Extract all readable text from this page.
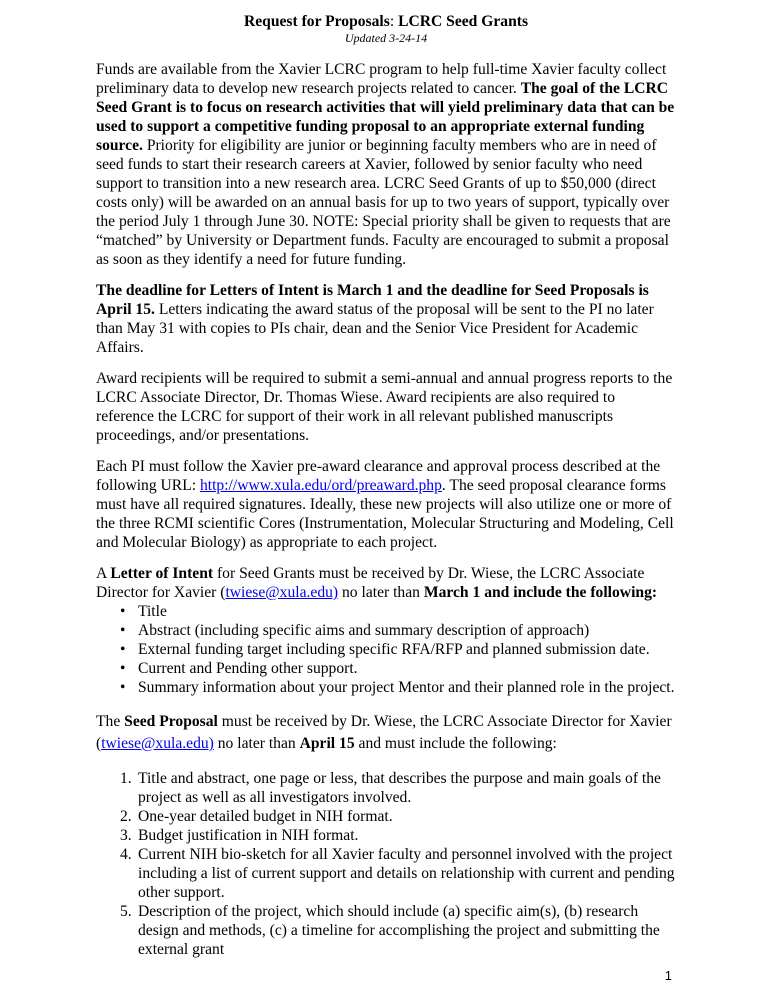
Request for Proposals: LCRC Seed Grants

Updated 3-24-14

Funds are available from the Xavier LCRC program to help full-time Xavier faculty collect preliminary data to develop new research projects related to cancer. The goal of the LCRC Seed Grant is to focus on research activities that will yield preliminary data that can be used to support a competitive funding proposal to an appropriate external funding source. Priority for eligibility are junior or beginning faculty members who are in need of seed funds to start their research careers at Xavier, followed by senior faculty who need support to transition into a new research area. LCRC Seed Grants of up to $50,000 (direct costs only) will be awarded on an annual basis for up to two years of support, typically over the period July 1 through June 30. NOTE: Special priority shall be given to requests that are “matched” by University or Department funds. Faculty are encouraged to submit a proposal as soon as they identify a need for future funding.

The deadline for Letters of Intent is March 1 and the deadline for Seed Proposals is April 15. Letters indicating the award status of the proposal will be sent to the PI no later than May 31 with copies to PIs chair, dean and the Senior Vice President for Academic Affairs.

Award recipients will be required to submit a semi-annual and annual progress reports to the LCRC Associate Director, Dr. Thomas Wiese. Award recipients are also required to reference the LCRC for support of their work in all relevant published manuscripts proceedings, and/or presentations.

Each PI must follow the Xavier pre-award clearance and approval process described at the following URL: http://www.xula.edu/ord/preaward.php. The seed proposal clearance forms must have all required signatures. Ideally, these new projects will also utilize one or more of the three RCMI scientific Cores (Instrumentation, Molecular Structuring and Modeling, Cell and Molecular Biology) as appropriate to each project.

A Letter of Intent for Seed Grants must be received by Dr. Wiese, the LCRC Associate Director for Xavier (twiese@xula.edu) no later than March 1 and include the following:

• Title
• Abstract (including specific aims and summary description of approach)
• External funding target including specific RFA/RFP and planned submission date.
• Current and Pending other support.
• Summary information about your project Mentor and their planned role in the project.

The Seed Proposal must be received by Dr. Wiese, the LCRC Associate Director for Xavier (twiese@xula.edu) no later than April 15 and must include the following:

1. Title and abstract, one page or less, that describes the purpose and main goals of the project as well as all investigators involved.
2. One-year detailed budget in NIH format.
3. Budget justification in NIH format.
4. Current NIH bio-sketch for all Xavier faculty and personnel involved with the project including a list of current support and details on relationship with current and pending other support.
5. Description of the project, which should include (a) specific aim(s), (b) research design and methods, (c) a timeline for accomplishing the project and submitting the external grant
1
